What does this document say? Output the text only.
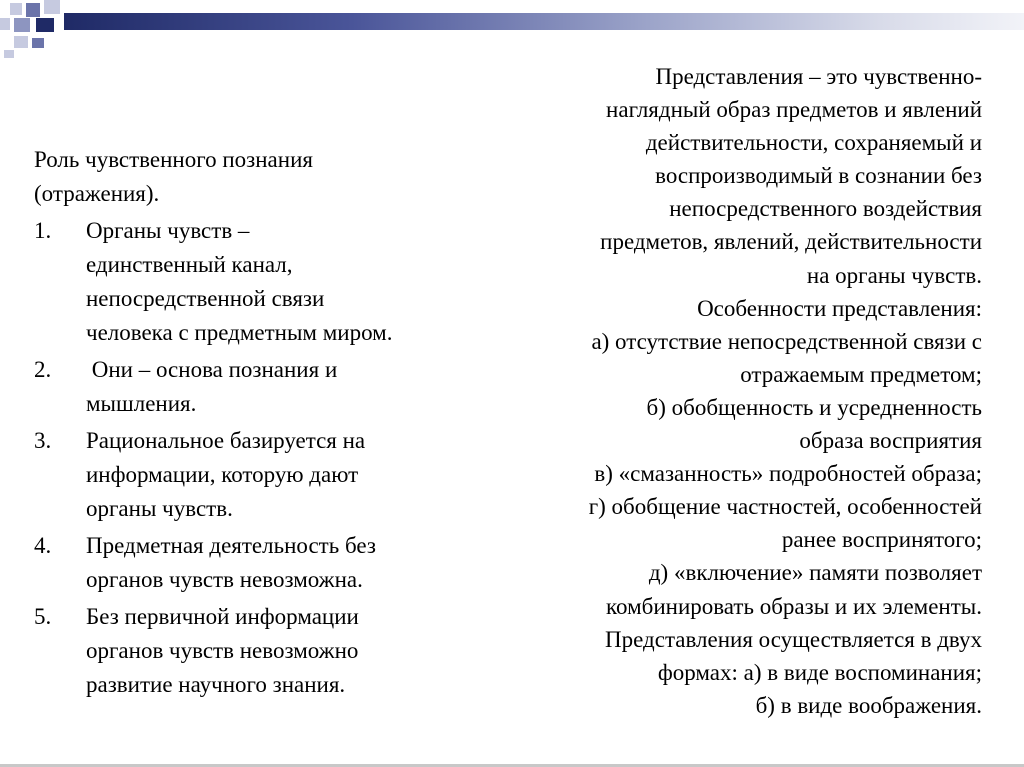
Роль чувственного познания
(отражения).
1. Органы чувств –
единственный канал,
непосредственной связи
человека с предметным миром.
2. Они – основа познания и
мышления.
3. Рациональное базируется на
информации, которую дают
органы чувств.
4. Предметная деятельность без
органов чувств невозможна.
5. Без первичной информации
органов чувств невозможно
развитие научного знания.
Представления – это чувственно-
наглядный образ предметов и явлений
действительности, сохраняемый и
воспроизводимый в сознании без
непосредственного воздействия
предметов, явлений, действительности
на органы чувств.
Особенности представления:
а) отсутствие непосредственной связи с
отражаемым предметом;
б) обобщенность и усредненность
образа восприятия
в) «смазанность» подробностей образа;
г) обобщение частностей, особенностей
ранее воспринятого;
д) «включение» памяти позволяет
комбинировать образы и их элементы.
Представления осуществляется в двух
формах: а) в виде воспоминания;
б) в виде воображения.
